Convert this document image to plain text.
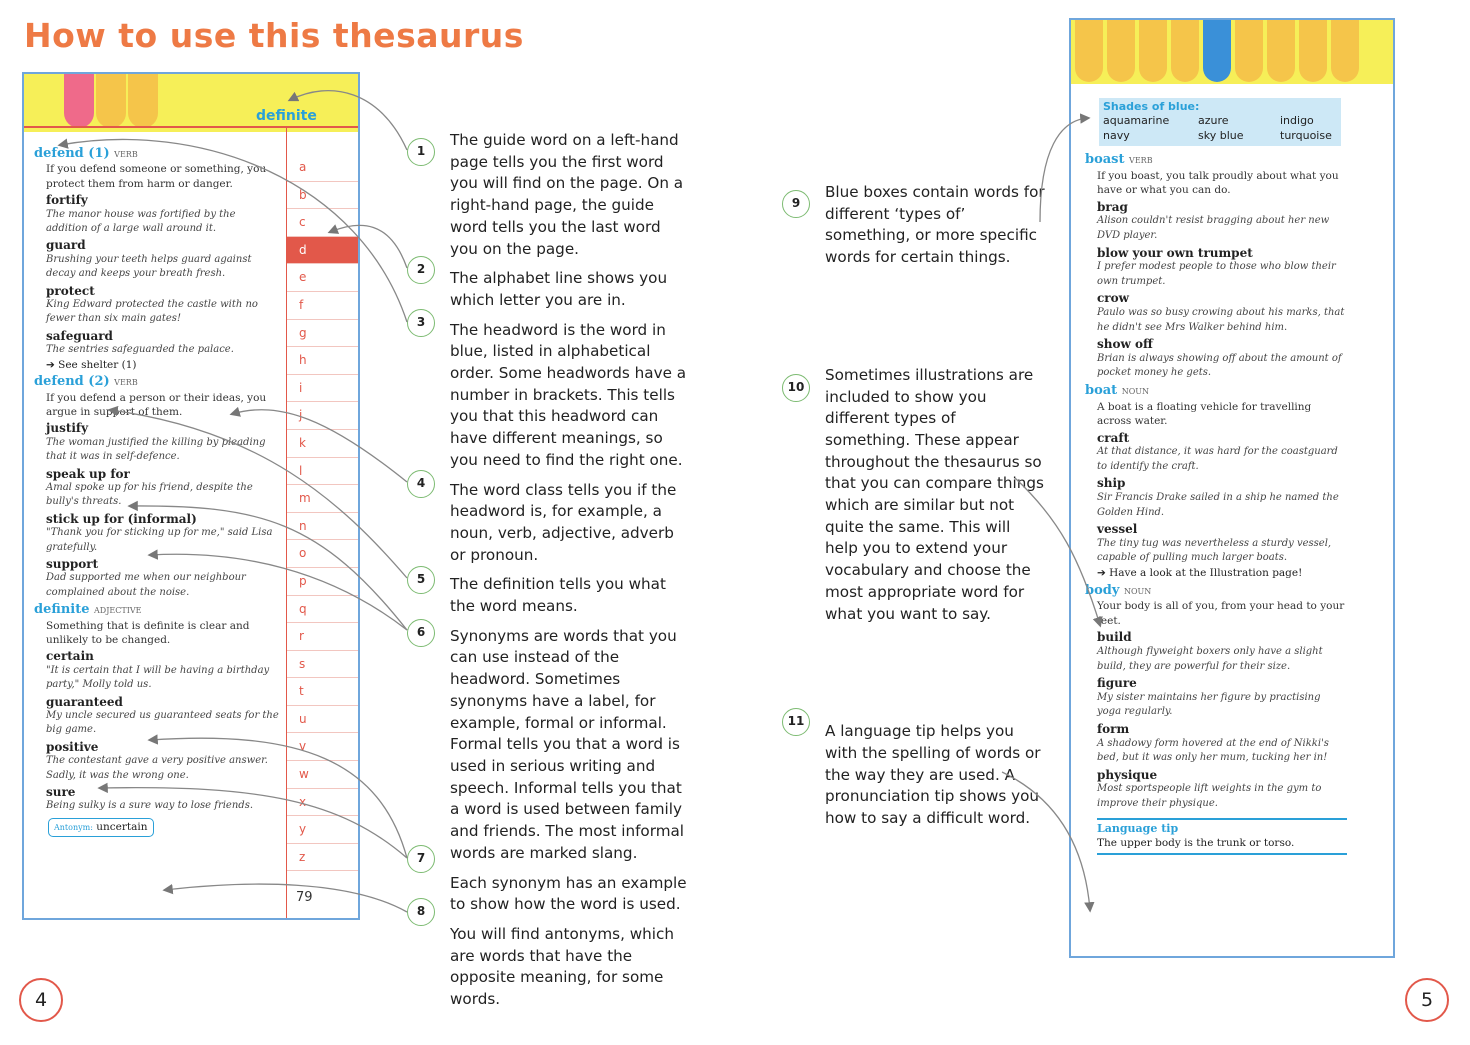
How to use this thesaurus
definite
a
b
c
d
e
f
g
h
i
j
k
l
m
n
o
p
q
r
s
t
u
v
w
x
y
z
79
defend (1) VERB
If you defend someone or something, you protect them from harm or danger.
fortify
The manor house was fortified by the addition of a large wall around it.
guard
Brushing your teeth helps guard against decay and keeps your breath fresh.
protect
King Edward protected the castle with no fewer than six main gates!
safeguard
The sentries safeguarded the palace.
➔ See shelter (1)
defend (2) VERB
If you defend a person or their ideas, you argue in support of them.
justify
The woman justified the killing by pleading that it was in self-defence.
speak up for
Amal spoke up for his friend, despite the bully's threats.
stick up for (informal)
"Thank you for sticking up for me," said Lisa gratefully.
support
Dad supported me when our neighbour complained about the noise.
definite ADJECTIVE
Something that is definite is clear and unlikely to be changed.
certain
"It is certain that I will be having a birthday party," Molly told us.
guaranteed
My uncle secured us guaranteed seats for the big game.
positive
The contestant gave a very positive answer. Sadly, it was the wrong one.
sure
Being sulky is a sure way to lose friends.
Antonym: uncertain
Shades of blue:
aquamarine	azure	indigo
navy	sky blue	turquoise
boast VERB
If you boast, you talk proudly about what you have or what you can do.
brag
Alison couldn't resist bragging about her new DVD player.
blow your own trumpet
I prefer modest people to those who blow their own trumpet.
crow
Paulo was so busy crowing about his marks, that he didn't see Mrs Walker behind him.
show off
Brian is always showing off about the amount of pocket money he gets.
boat NOUN
A boat is a floating vehicle for travelling across water.
craft
At that distance, it was hard for the coastguard to identify the craft.
ship
Sir Francis Drake sailed in a ship he named the Golden Hind.
vessel
The tiny tug was nevertheless a sturdy vessel, capable of pulling much larger boats.
➔ Have a look at the Illustration page!
body NOUN
Your body is all of you, from your head to your feet.
build
Although flyweight boxers only have a slight build, they are powerful for their size.
figure
My sister maintains her figure by practising yoga regularly.
form
A shadowy form hovered at the end of Nikki's bed, but it was only her mum, tucking her in!
physique
Most sportspeople lift weights in the gym to improve their physique.
Language tip
The upper body is the trunk or torso.

The guide word on a left-hand page tells you the first word you will find on the page. On a right-hand page, the guide word tells you the last word you on the page.

The alphabet line shows you which letter you are in.

The headword is the word in blue, listed in alphabetical order. Some headwords have a number in brackets. This tells you that this headword can have different meanings, so you need to find the right one.

The word class tells you if the headword is, for example, a noun, verb, adjective, adverb or pronoun.

The definition tells you what the word means.

Synonyms are words that you can use instead of the headword. Sometimes synonyms have a label, for example, formal or informal. Formal tells you that a word is used in serious writing and speech. Informal tells you that a word is used between family and friends. The most informal words are marked slang.

Each synonym has an example to show how the word is used.

You will find antonyms, which are words that have the opposite meaning, for some words.

Blue boxes contain words for different ‘types of’ something, or more specific words for certain things.

Sometimes illustrations are included to show you different types of something. These appear throughout the thesaurus so that you can compare things which are similar but not quite the same. This will help you to extend your vocabulary and choose the most appropriate word for what you want to say.

A language tip helps you with the spelling of words or the way they are used. A pronunciation tip shows you how to say a difficult word.

1
2
3
4
5
6
7
8
9
10
11
4	5
